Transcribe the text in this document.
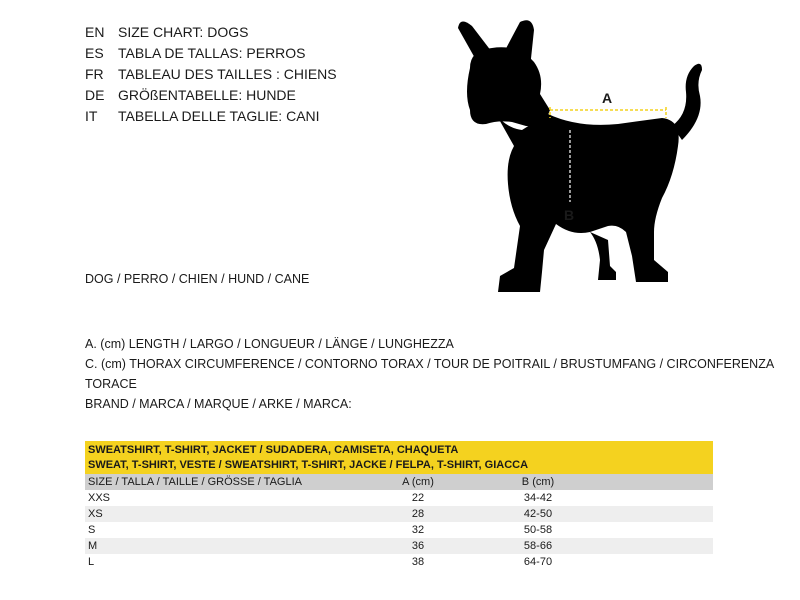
EN SIZE CHART: DOGS
ES	TABLA DE TALLAS: PERROS
FR	TABLEAU DES TAILLES : CHIENS
DE GRÖßENTABELLE: HUNDE
IT	TABELLA DELLE TAGLIE: CANI
A
B
DOG / PERRO / CHIEN / HUND / CANE
A. (cm) LENGTH / LARGO / LONGUEUR / LÄNGE / LUNGHEZZA
C. (cm) THORAX CIRCUMFERENCE / CONTORNO TORAX / TOUR DE POITRAIL / BRUSTUMFANG / CIRCONFERENZA TORACE
BRAND / MARCA / MARQUE / ARKE / MARCA:
SWEATSHIRT, T-SHIRT, JACKET / SUDADERA, CAMISETA, CHAQUETA
SWEAT, T-SHIRT, VESTE / SWEATSHIRT, T-SHIRT, JACKE / FELPA, T-SHIRT, GIACCA
SIZE / TALLA / TAILLE / GRÖSSE / TAGLIA	A (cm)	B (cm)
XXS	22	34-42
XS	28	42-50
S	32	50-58
M	36	58-66
L	38	64-70
